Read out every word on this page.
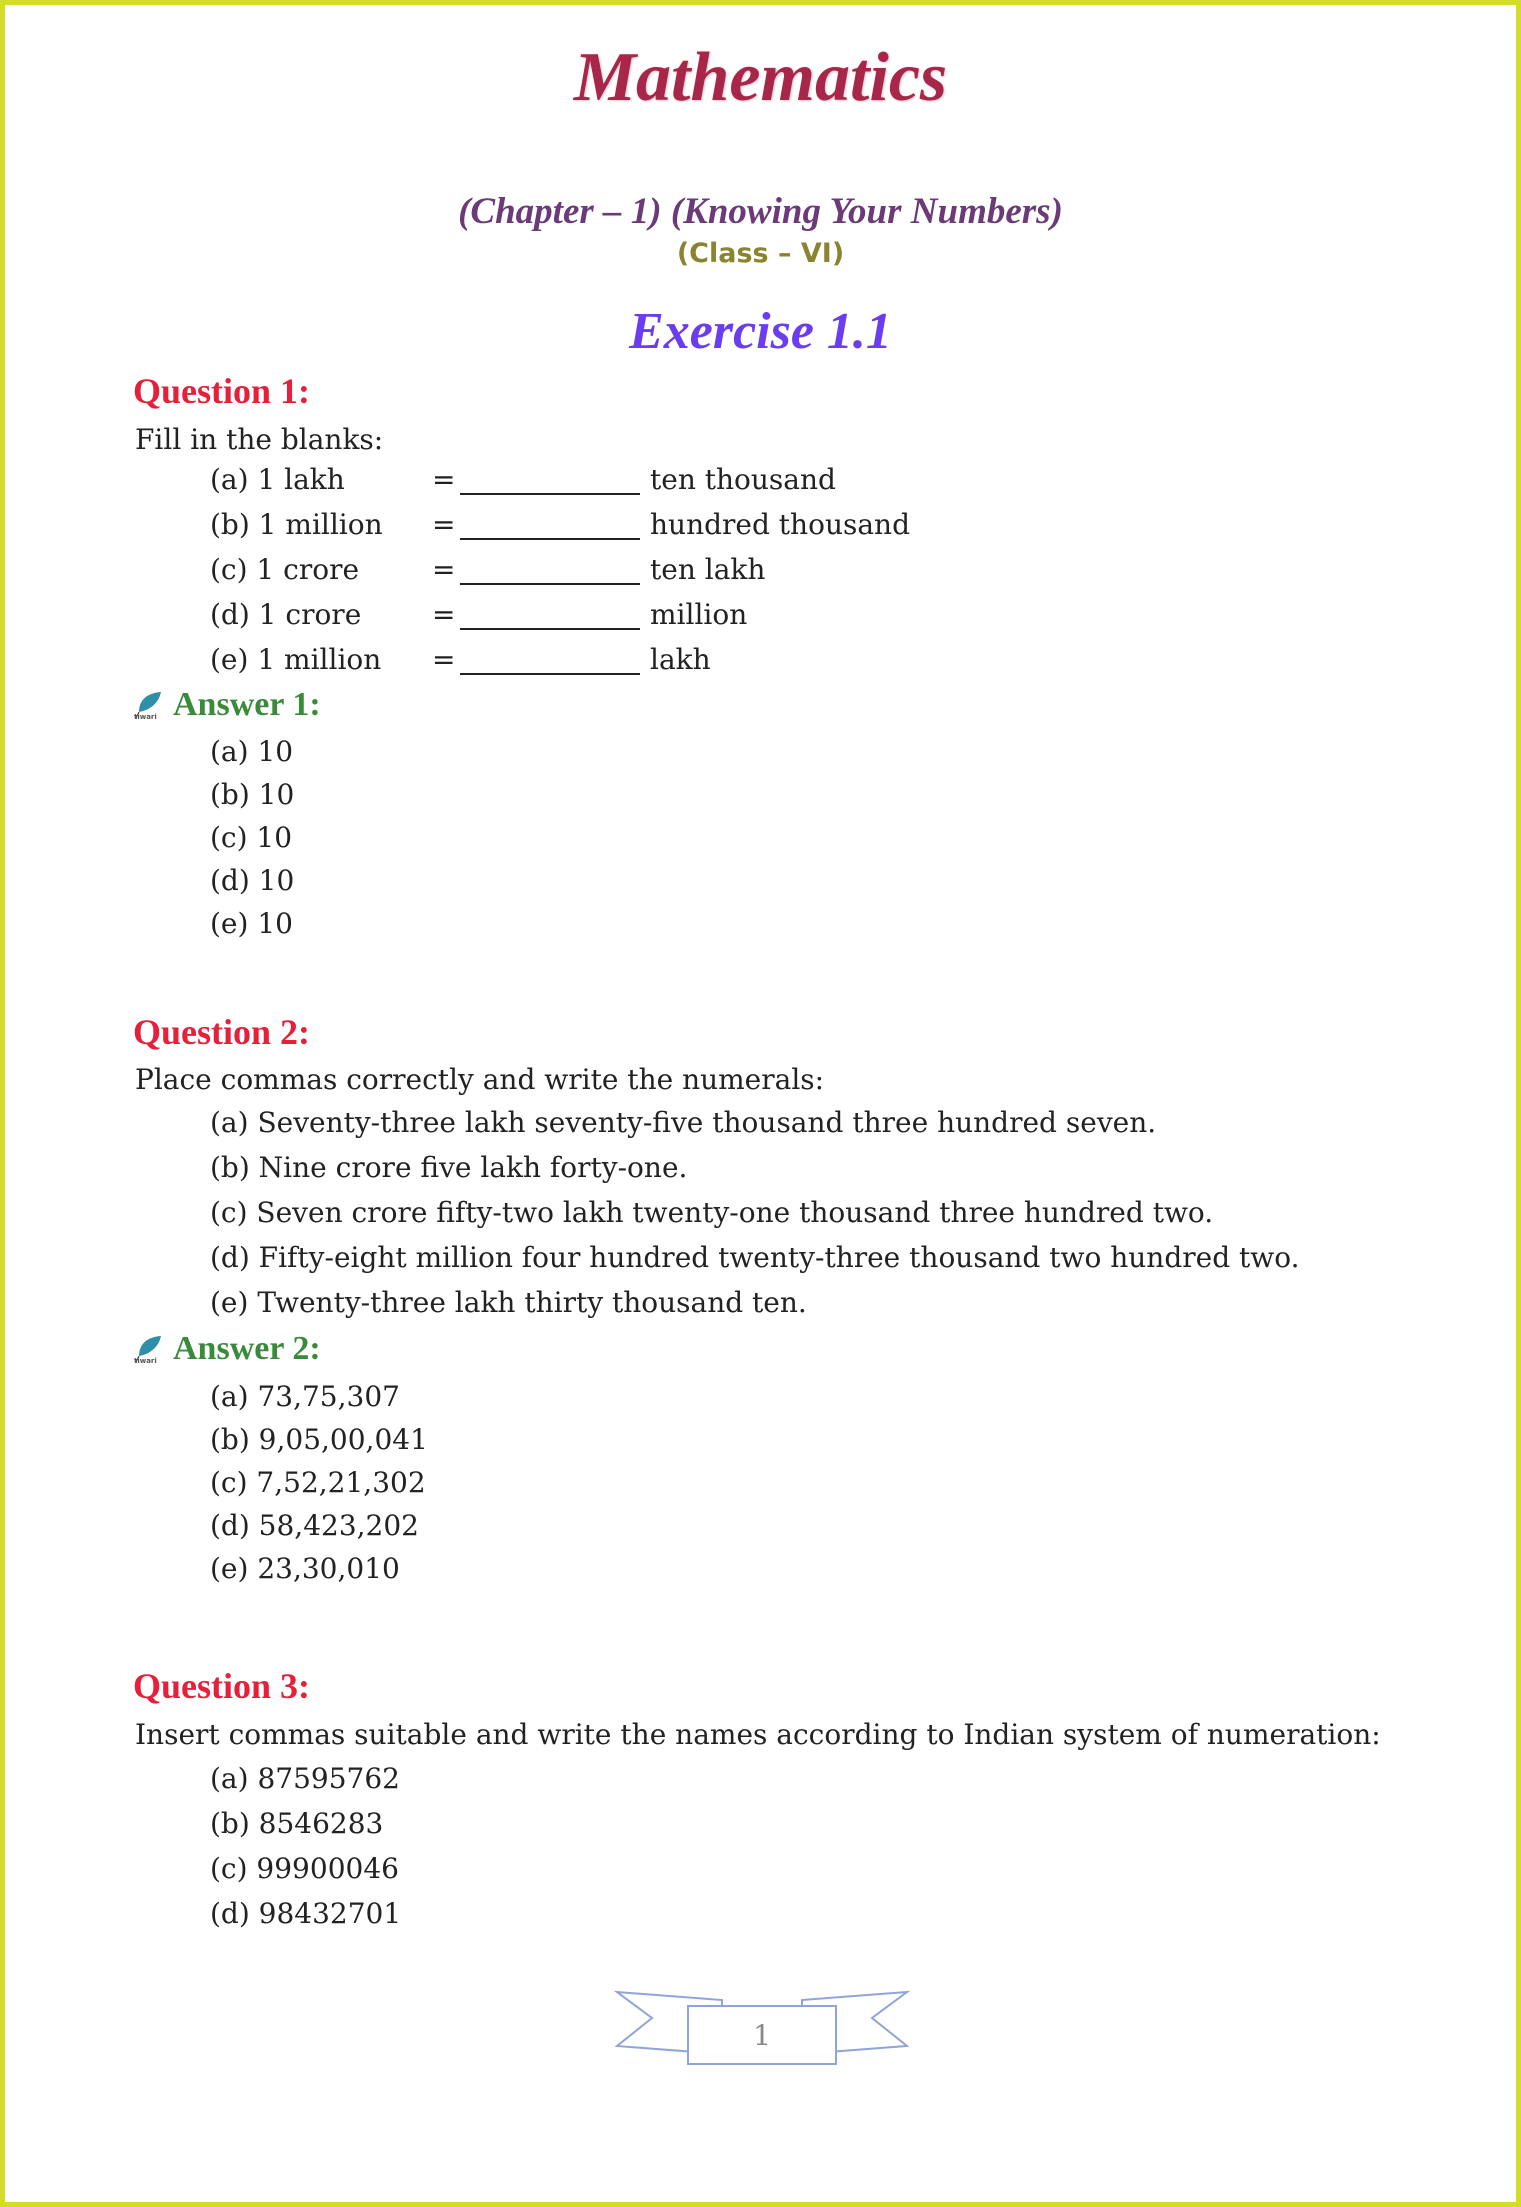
Mathematics
(Chapter – 1) (Knowing Your Numbers)
(Class – VI)
Exercise 1.1
Question 1:
Fill in the blanks:
(a) 1 lakh	=	ten thousand
(b) 1 million	=	hundred thousand
(c) 1 crore	=	ten lakh
(d) 1 crore	=	million
(e) 1 million	=	lakh
tiwari Answer 1:
(a) 10
(b) 10
(c) 10
(d) 10
(e) 10
Question 2:
Place commas correctly and write the numerals:
(a) Seventy-three lakh seventy-five thousand three hundred seven.
(b) Nine crore five lakh forty-one.
(c) Seven crore fifty-two lakh twenty-one thousand three hundred two.
(d) Fifty-eight million four hundred twenty-three thousand two hundred two.
(e) Twenty-three lakh thirty thousand ten.
tiwari Answer 2:
(a) 73,75,307
(b) 9,05,00,041
(c) 7,52,21,302
(d) 58,423,202
(e) 23,30,010
Question 3:
Insert commas suitable and write the names according to Indian system of numeration:
(a) 87595762
(b) 8546283
(c) 99900046
(d) 98432701
1
